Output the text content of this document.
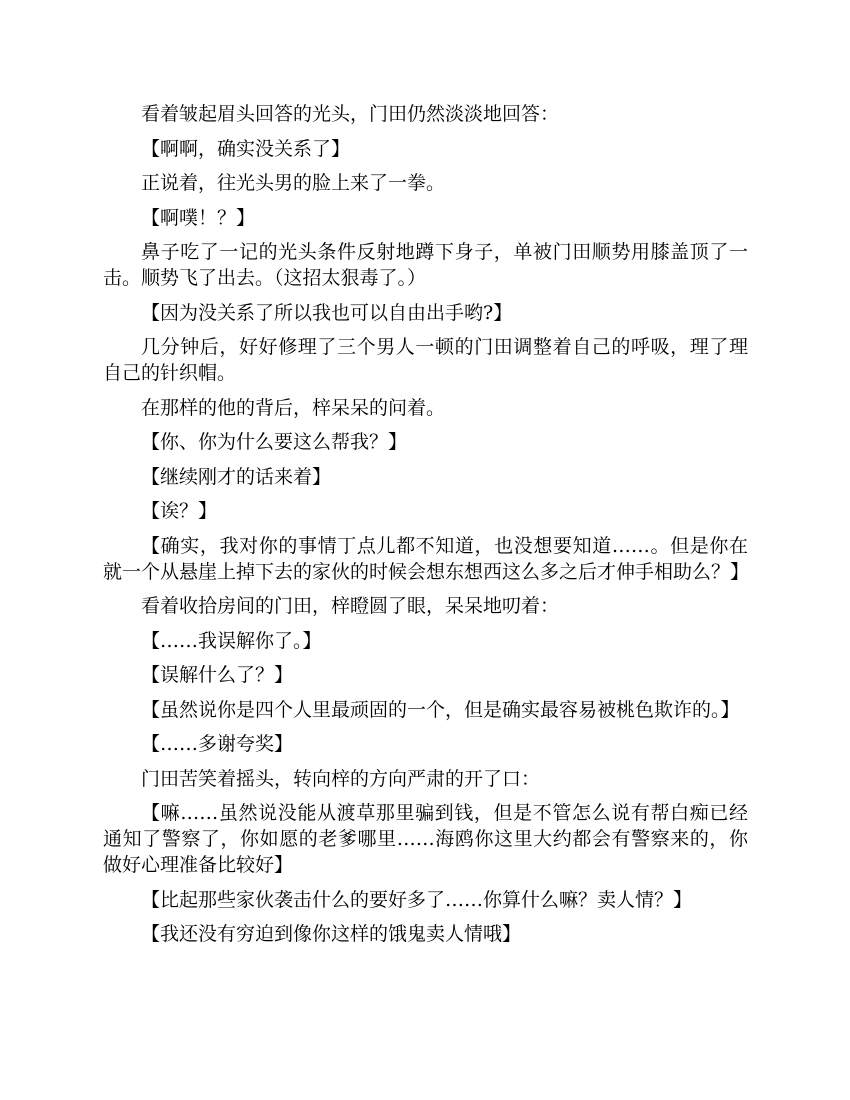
看着皱起眉头回答的光头，门田仍然淡淡地回答：

【啊啊，确实没关系了】

正说着，往光头男的脸上来了一拳。

【啊噗！？】

鼻子吃了一记的光头条件反射地蹲下身子，单被门田顺势用膝盖顶了一击。顺势飞了出去。（这招太狠毒了。）

【因为没关系了所以我也可以自由出手哟?】

几分钟后，好好修理了三个男人一顿的门田调整着自己的呼吸，理了理自己的针织帽。

在那样的他的背后，梓呆呆的问着。

【你、你为什么要这么帮我？】

【继续刚才的话来着】

【诶？】

【确实，我对你的事情丁点儿都不知道，也没想要知道……。但是你在就一个从悬崖上掉下去的家伙的时候会想东想西这么多之后才伸手相助么？】

看着收拾房间的门田，梓瞪圆了眼，呆呆地叨着：

【……我误解你了。】

【误解什么了？】

【虽然说你是四个人里最顽固的一个，但是确实最容易被桃色欺诈的。】

【……多谢夸奖】

门田苦笑着摇头，转向梓的方向严肃的开了口：

【嘛……虽然说没能从渡草那里骗到钱，但是不管怎么说有帮白痴已经通知了警察了，你如愿的老爹哪里……海鸥你这里大约都会有警察来的，你做好心理准备比较好】

【比起那些家伙袭击什么的要好多了……你算什么嘛？卖人情？】

【我还没有穷迫到像你这样的饿鬼卖人情哦】
